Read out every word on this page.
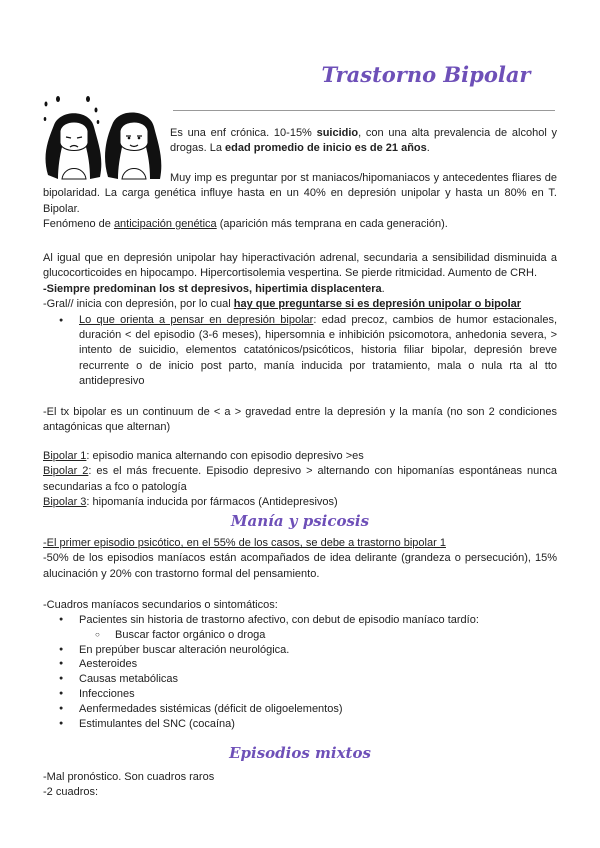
Trastorno Bipolar
Es una enf crónica. 10-15% suicidio, con una alta prevalencia de alcohol y drogas. La edad promedio de inicio es de 21 años.
Muy imp es preguntar por st maniacos/hipomaniacos y antecedentes fliares de bipolaridad. La carga genética influye hasta en un 40% en depresión unipolar y hasta un 80% en T. Bipolar.
Fenómeno de anticipación genética (aparición más temprana en cada generación).

Al igual que en depresión unipolar hay hiperactivación adrenal, secundaria a sensibilidad disminuida a glucocorticoides en hipocampo. Hipercortisolemia vespertina. Se pierde ritmicidad. Aumento de CRH.

-Siempre predominan los st depresivos, hipertimia displacentera.

-Gral// inicia con depresión, por lo cual hay que preguntarse si es depresión unipolar o bipolar

● Lo que orienta a pensar en depresión bipolar: edad precoz, cambios de humor estacionales, duración < del episodio (3-6 meses), hipersomnia e inhibición psicomotora, anhedonia severa, > intento de suicidio, elementos catatónicos/psicóticos, historia filiar bipolar, depresión breve recurrente o de inicio post parto, manía inducida por tratamiento, mala o nula rta al tto antidepresivo
-El tx bipolar es un continuum de < a > gravedad entre la depresión y la manía (no son 2 condiciones antagónicas que alternan)

Bipolar 1: episodio manica alternando con episodio depresivo >es

Bipolar 2: es el más frecuente. Episodio depresivo > alternando con hipomanías espontáneas nunca secundarias a fco o patología

Bipolar 3: hipomanía inducida por fármacos (Antidepresivos)

Manía y psicosis

-El primer episodio psicótico, en el 55% de los casos, se debe a trastorno bipolar 1

-50% de los episodios maníacos están acompañados de idea delirante (grandeza o persecución), 15% alucinación y 20% con trastorno formal del pensamiento.

-Cuadros maníacos secundarios o sintomáticos:

● Pacientes sin historia de trastorno afectivo, con debut de episodio maníaco tardío:
○ Buscar factor orgánico o droga
● En prepúber buscar alteración neurológica.
● Aesteroides
● Causas metabólicas
● Infecciones
● Aenfermedades sistémicas (déficit de oligoelementos)
● Estimulantes del SNC (cocaína)
Episodios mixtos

-Mal pronóstico. Son cuadros raros

-2 cuadros:
